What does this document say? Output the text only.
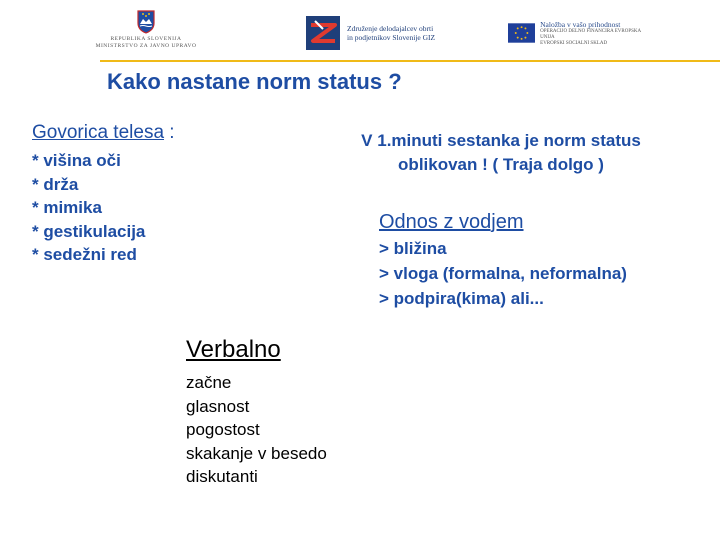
REPUBLIKA SLOVENIJA
MINISTRSTVO ZA JAVNO UPRAVO
Združenje delodajalcev obrti
in podjetnikov Slovenije GIZ
Naložba v vašo prihodnost
OPERACIJO DELNO FINANCIRA EVROPSKA UNIJA
EVROPSKI SOCIALNI SKLAD
Kako nastane norm status ?
Govorica telesa :
* višina oči
* drža
* mimika
* gestikulacija
* sedežni red
V 1.minuti sestanka je norm status
oblikovan ! ( Traja dolgo )
Odnos z vodjem
> bližina
> vloga (formalna, neformalna)
> podpira(kima) ali...
Verbalno
začne
glasnost
pogostost
skakanje v besedo
diskutanti
